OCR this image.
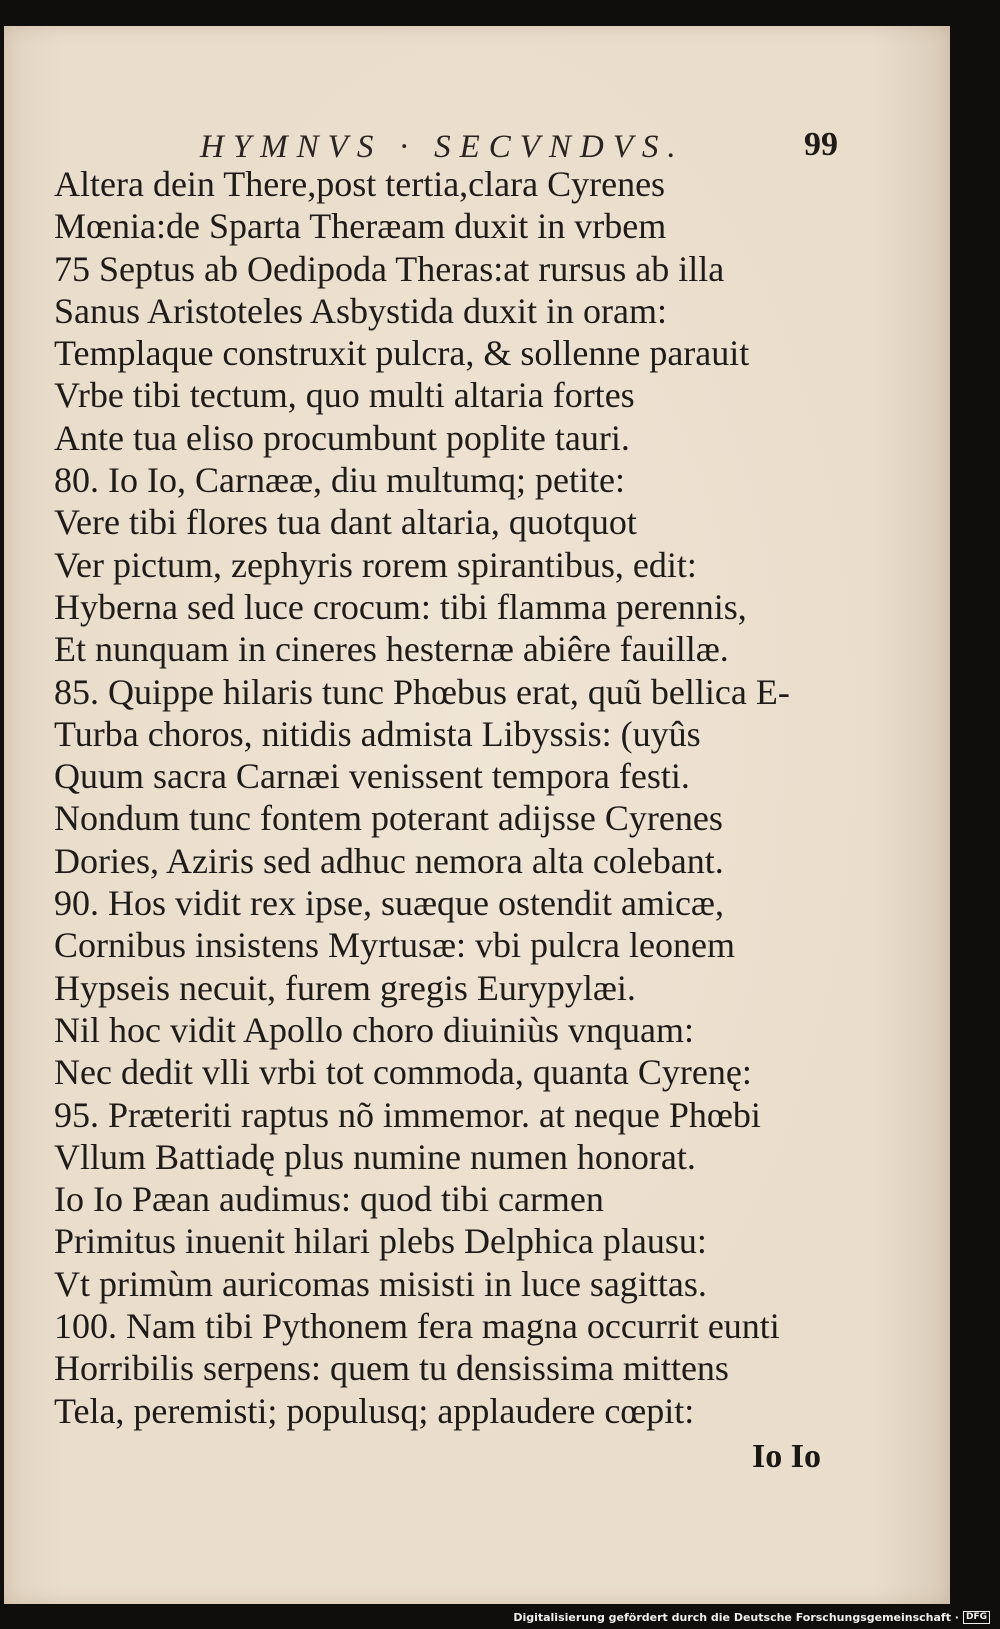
HYMNVS · SECVNDVS.	99
Altera dein There,post tertia,clara Cyrenes
Mœnia:de Sparta Theræam duxit in vrbem
75 Septus ab Oedipoda Theras:at rursus ab illa
Sanus Aristoteles Asbystida duxit in oram:
Templaque construxit pulcra, & sollenne parauit
Vrbe tibi tectum, quo multi altaria fortes
Ante tua eliso procumbunt poplite tauri.
80. Io Io, Carnææ, diu multumq; petite:
Vere tibi flores tua dant altaria, quotquot
Ver pictum, zephyris rorem spirantibus, edit:
Hyberna sed luce crocum: tibi flamma perennis,
Et nunquam in cineres hesternæ abiêre fauillæ.
85. Quippe hilaris tunc Phœbus erat, quũ bellica E-
Turba choros, nitidis admista Libyssis: (uyûs
Quum sacra Carnæi venissent tempora festi.
Nondum tunc fontem poterant adijsse Cyrenes
Dories, Aziris sed adhuc nemora alta colebant.
90. Hos vidit rex ipse, suæque ostendit amicæ,
Cornibus insistens Myrtusæ: vbi pulcra leonem
Hypseis necuit, furem gregis Eurypylæi.
Nil hoc vidit Apollo choro diuiniùs vnquam:
Nec dedit vlli vrbi tot commoda, quanta Cyrenę:
95. Præteriti raptus nõ immemor. at neque Phœbi
Vllum Battiadę plus numine numen honorat.
Io Io Pæan audimus: quod tibi carmen
Primitus inuenit hilari plebs Delphica plausu:
Vt primùm auricomas misisti in luce sagittas.
100. Nam tibi Pythonem fera magna occurrit eunti
Horribilis serpens: quem tu densissima mittens
Tela, peremisti; populusq; applaudere cœpit:
Io Io
Digitalisierung gefördert durch die Deutsche Forschungsgemeinschaft · DFG
